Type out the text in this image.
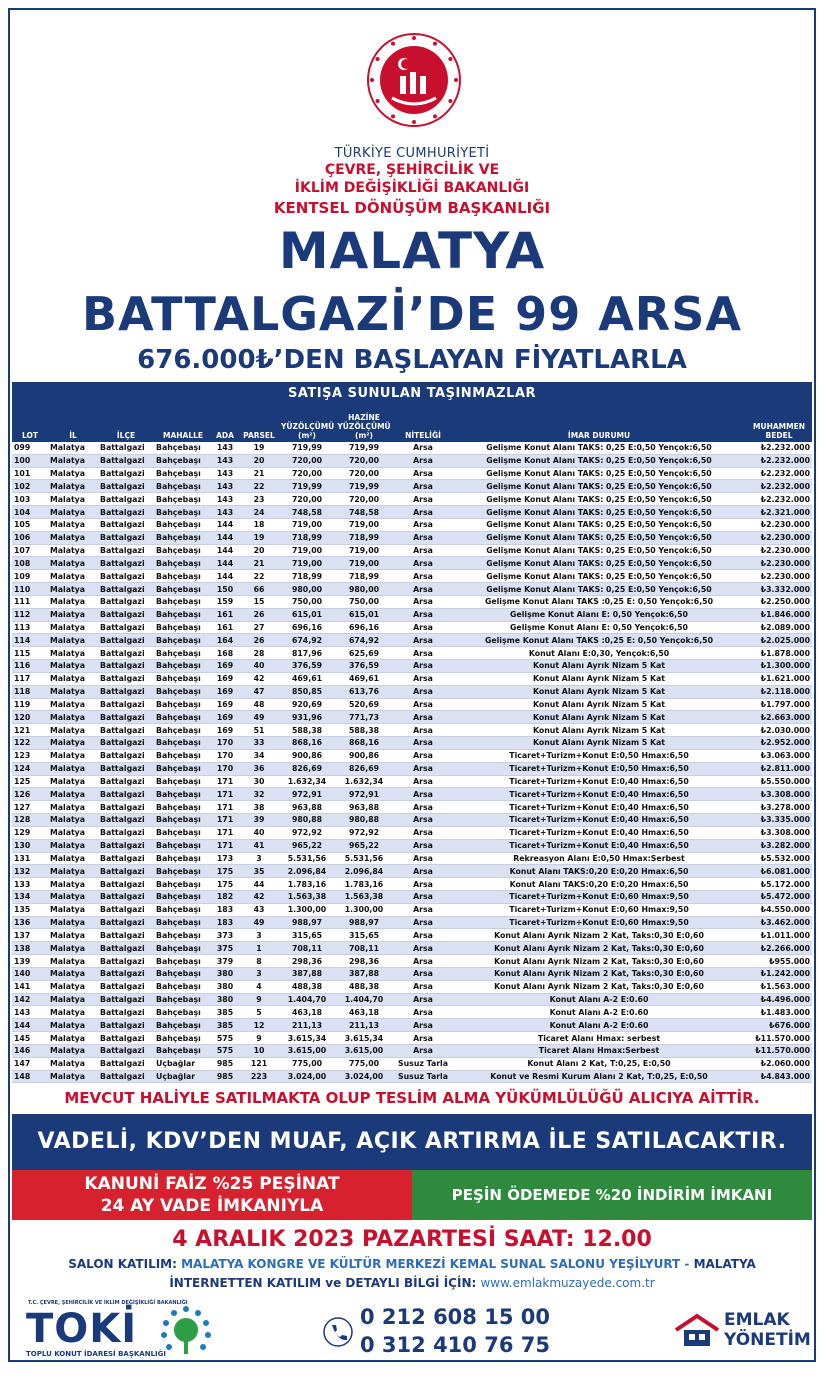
TÜRKİYE CUMHURİYETİ
ÇEVRE, ŞEHİRCİLİK VE
İKLİM DEĞİŞİKLİĞİ BAKANLIĞI
KENTSEL DÖNÜŞÜM BAŞKANLIĞI
MALATYA
BATTALGAZİ’DE 99 ARSA
676.000₺’DEN BAŞLAYAN FİYATLARLA
SATIŞA SUNULAN TAŞINMAZLAR
LOT	İL	İLÇE	MAHALLE	ADA	PARSEL	YÜZÖLÇÜMÜ (m²)	HAZİNE YÜZÖLÇÜMÜ (m²)	NİTELİĞİ	İMAR DURUMU	MUHAMMEN BEDEL
099	Malatya	Battalgazi	Bahçebaşı	143	19	719,99	719,99	Arsa	Gelişme Konut Alanı TAKS: 0,25 E:0,50 Yençok:6,50	₺2.232.000
100	Malatya	Battalgazi	Bahçebaşı	143	20	720,00	720,00	Arsa	Gelişme Konut Alanı TAKS: 0,25 E:0,50 Yençok:6,50	₺2.232.000
101	Malatya	Battalgazi	Bahçebaşı	143	21	720,00	720,00	Arsa	Gelişme Konut Alanı TAKS: 0,25 E:0,50 Yençok:6,50	₺2.232.000
102	Malatya	Battalgazi	Bahçebaşı	143	22	719,99	719,99	Arsa	Gelişme Konut Alanı TAKS: 0,25 E:0,50 Yençok:6,50	₺2.232.000
103	Malatya	Battalgazi	Bahçebaşı	143	23	720,00	720,00	Arsa	Gelişme Konut Alanı TAKS: 0,25 E:0,50 Yençok:6,50	₺2.232.000
104	Malatya	Battalgazi	Bahçebaşı	143	24	748,58	748,58	Arsa	Gelişme Konut Alanı TAKS: 0,25 E:0,50 Yençok:6,50	₺2.321.000
105	Malatya	Battalgazi	Bahçebaşı	144	18	719,00	719,00	Arsa	Gelişme Konut Alanı TAKS: 0,25 E:0,50 Yençok:6,50	₺2.230.000
106	Malatya	Battalgazi	Bahçebaşı	144	19	718,99	718,99	Arsa	Gelişme Konut Alanı TAKS: 0,25 E:0,50 Yençok:6,50	₺2.230.000
107	Malatya	Battalgazi	Bahçebaşı	144	20	719,00	719,00	Arsa	Gelişme Konut Alanı TAKS: 0,25 E:0,50 Yençok:6,50	₺2.230.000
108	Malatya	Battalgazi	Bahçebaşı	144	21	719,00	719,00	Arsa	Gelişme Konut Alanı TAKS: 0,25 E:0,50 Yençok:6,50	₺2.230.000
109	Malatya	Battalgazi	Bahçebaşı	144	22	718,99	718,99	Arsa	Gelişme Konut Alanı TAKS: 0,25 E:0,50 Yençok:6,50	₺2.230.000
110	Malatya	Battalgazi	Bahçebaşı	150	66	980,00	980,00	Arsa	Gelişme Konut Alanı TAKS: 0,25 E:0,50 Yençok:6,50	₺3.332.000
111	Malatya	Battalgazi	Bahçebaşı	159	15	750,00	750,00	Arsa	Gelişme Konut Alanı TAKS :0,25 E: 0,50 Yençok:6,50	₺2.250.000
112	Malatya	Battalgazi	Bahçebaşı	161	26	615,01	615,01	Arsa	Gelişme Konut Alanı E: 0,50 Yençok:6,50	₺1.846.000
113	Malatya	Battalgazi	Bahçebaşı	161	27	696,16	696,16	Arsa	Gelişme Konut Alanı E: 0,50 Yençok:6,50	₺2.089.000
114	Malatya	Battalgazi	Bahçebaşı	164	26	674,92	674,92	Arsa	Gelişme Konut Alanı TAKS :0,25 E: 0,50 Yençok:6,50	₺2.025.000
115	Malatya	Battalgazi	Bahçebaşı	168	28	817,96	625,69	Arsa	Konut Alanı E:0,30, Yençok:6,50	₺1.878.000
116	Malatya	Battalgazi	Bahçebaşı	169	40	376,59	376,59	Arsa	Konut Alanı Ayrık Nizam 5 Kat	₺1.300.000
117	Malatya	Battalgazi	Bahçebaşı	169	42	469,61	469,61	Arsa	Konut Alanı Ayrık Nizam 5 Kat	₺1.621.000
118	Malatya	Battalgazi	Bahçebaşı	169	47	850,85	613,76	Arsa	Konut Alanı Ayrık Nizam 5 Kat	₺2.118.000
119	Malatya	Battalgazi	Bahçebaşı	169	48	920,69	520,69	Arsa	Konut Alanı Ayrık Nizam 5 Kat	₺1.797.000
120	Malatya	Battalgazi	Bahçebaşı	169	49	931,96	771,73	Arsa	Konut Alanı Ayrık Nizam 5 Kat	₺2.663.000
121	Malatya	Battalgazi	Bahçebaşı	169	51	588,38	588,38	Arsa	Konut Alanı Ayrık Nizam 5 Kat	₺2.030.000
122	Malatya	Battalgazi	Bahçebaşı	170	33	868,16	868,16	Arsa	Konut Alanı Ayrık Nizam 5 Kat	₺2.952.000
123	Malatya	Battalgazi	Bahçebaşı	170	34	900,86	900,86	Arsa	Ticaret+Turizm+Konut E:0,50 Hmax:6,50	₺3.063.000
124	Malatya	Battalgazi	Bahçebaşı	170	36	826,69	826,69	Arsa	Ticaret+Turizm+Konut E:0,50 Hmax:6,50	₺2.811.000
125	Malatya	Battalgazi	Bahçebaşı	171	30	1.632,34	1.632,34	Arsa	Ticaret+Turizm+Konut E:0,40 Hmax:6,50	₺5.550.000
126	Malatya	Battalgazi	Bahçebaşı	171	32	972,91	972,91	Arsa	Ticaret+Turizm+Konut E:0,40 Hmax:6,50	₺3.308.000
127	Malatya	Battalgazi	Bahçebaşı	171	38	963,88	963,88	Arsa	Ticaret+Turizm+Konut E:0,40 Hmax:6,50	₺3.278.000
128	Malatya	Battalgazi	Bahçebaşı	171	39	980,88	980,88	Arsa	Ticaret+Turizm+Konut E:0,40 Hmax:6,50	₺3.335.000
129	Malatya	Battalgazi	Bahçebaşı	171	40	972,92	972,92	Arsa	Ticaret+Turizm+Konut E:0,40 Hmax:6,50	₺3.308.000
130	Malatya	Battalgazi	Bahçebaşı	171	41	965,22	965,22	Arsa	Ticaret+Turizm+Konut E:0,40 Hmax:6,50	₺3.282.000
131	Malatya	Battalgazi	Bahçebaşı	173	3	5.531,56	5.531,56	Arsa	Rekreasyon Alanı E:0,50 Hmax:Serbest	₺5.532.000
132	Malatya	Battalgazi	Bahçebaşı	175	35	2.096,84	2.096,84	Arsa	Konut Alanı TAKS:0,20 E:0,20 Hmax:6,50	₺6.081.000
133	Malatya	Battalgazi	Bahçebaşı	175	44	1.783,16	1.783,16	Arsa	Konut Alanı TAKS:0,20 E:0,20 Hmax:6,50	₺5.172.000
134	Malatya	Battalgazi	Bahçebaşı	182	42	1.563,38	1.563,38	Arsa	Ticaret+Turizm+Konut E:0,60 Hmax:9,50	₺5.472.000
135	Malatya	Battalgazi	Bahçebaşı	183	43	1.300,00	1.300,00	Arsa	Ticaret+Turizm+Konut E:0,60 Hmax:9,50	₺4.550.000
136	Malatya	Battalgazi	Bahçebaşı	183	49	988,97	988,97	Arsa	Ticaret+Turizm+Konut E:0,60 Hmax:9,50	₺3.462.000
137	Malatya	Battalgazi	Bahçebaşı	373	3	315,65	315,65	Arsa	Konut Alanı Ayrık Nizam 2 Kat, Taks:0,30 E:0,60	₺1.011.000
138	Malatya	Battalgazi	Bahçebaşı	375	1	708,11	708,11	Arsa	Konut Alanı Ayrık Nizam 2 Kat, Taks:0,30 E:0,60	₺2.266.000
139	Malatya	Battalgazi	Bahçebaşı	379	8	298,36	298,36	Arsa	Konut Alanı Ayrık Nizam 2 Kat, Taks:0,30 E:0,60	₺955.000
140	Malatya	Battalgazi	Bahçebaşı	380	3	387,88	387,88	Arsa	Konut Alanı Ayrık Nizam 2 Kat, Taks:0,30 E:0,60	₺1.242.000
141	Malatya	Battalgazi	Bahçebaşı	380	4	488,38	488,38	Arsa	Konut Alanı Ayrık Nizam 2 Kat, Taks:0,30 E:0,60	₺1.563.000
142	Malatya	Battalgazi	Bahçebaşı	380	9	1.404,70	1.404,70	Arsa	Konut Alanı A-2 E:0.60	₺4.496.000
143	Malatya	Battalgazi	Bahçebaşı	385	5	463,18	463,18	Arsa	Konut Alanı A-2 E:0.60	₺1.483.000
144	Malatya	Battalgazi	Bahçebaşı	385	12	211,13	211,13	Arsa	Konut Alanı A-2 E:0.60	₺676.000
145	Malatya	Battalgazi	Bahçebaşı	575	9	3.615,34	3.615,34	Arsa	Ticaret Alanı Hmax: serbest	₺11.570.000
146	Malatya	Battalgazi	Bahçebaşı	575	10	3.615,00	3.615,00	Arsa	Ticaret Alanı Hmax:Serbest	₺11.570.000
147	Malatya	Battalgazi	Uçbağlar	985	121	775,00	775,00	Susuz Tarla	Konut Alanı 2 Kat, T:0,25, E:0,50	₺2.060.000
148	Malatya	Battalgazi	Uçbağlar	985	223	3.024,00	3.024,00	Susuz Tarla	Konut ve Resmi Kurum Alanı 2 Kat, T:0,25, E:0,50	₺4.843.000
MEVCUT HALİYLE SATILMAKTA OLUP TESLİM ALMA YÜKÜMLÜLÜĞÜ ALICIYA AİTTİR.
VADELİ, KDV’DEN MUAF, AÇIK ARTIRMA İLE SATILACAKTIR.
KANUNİ FAİZ %25 PEŞİNAT
24 AY VADE İMKANIYLA
PEŞİN ÖDEMEDE %20 İNDİRİM İMKANI
4 ARALIK 2023 PAZARTESİ SAAT: 12.00
SALON KATILIM: MALATYA KONGRE VE KÜLTÜR MERKEZİ KEMAL SUNAL SALONU YEŞİLYURT - MALATYA
İNTERNETTEN KATILIM ve DETAYLI BİLGİ İÇİN: www.emlakmuzayede.com.tr
T.C. ÇEVRE, ŞEHİRCİLİK VE İKLİM DEĞİŞİKLİĞİ BAKANLIĞI
TOKİ
TOPLU KONUT İDARESİ BAŞKANLIĞI
0 212 608 15 00
0 312 410 76 75
EMLAK
YÖNETİM
